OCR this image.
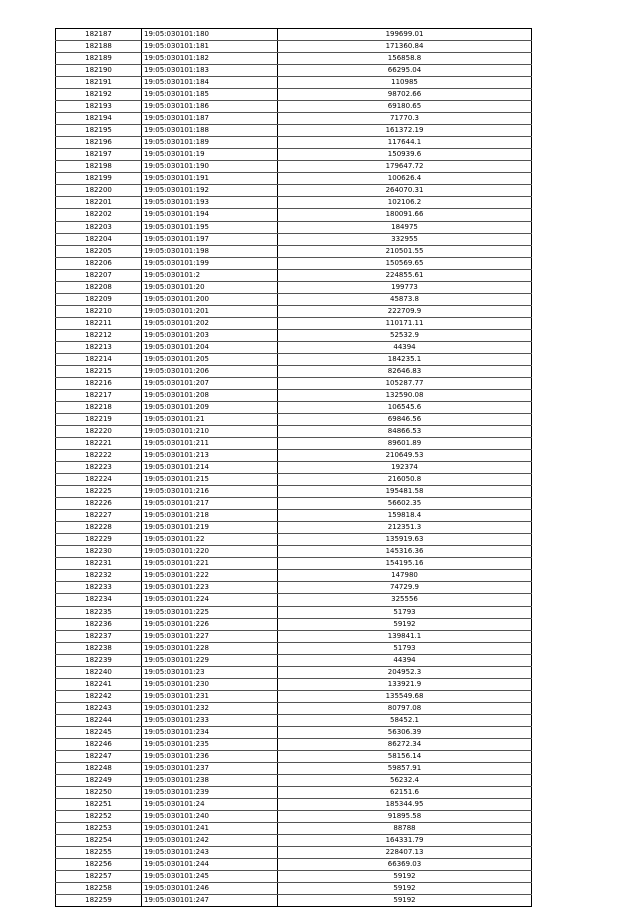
182187	19:05:030101:180	199699.01
182188	19:05:030101:181	171360.84
182189	19:05:030101:182	156858.8
182190	19:05:030101:183	66295.04
182191	19:05:030101:184	110985
182192	19:05:030101:185	98702.66
182193	19:05:030101:186	69180.65
182194	19:05:030101:187	71770.3
182195	19:05:030101:188	161372.19
182196	19:05:030101:189	117644.1
182197	19:05:030101:19	150939.6
182198	19:05:030101:190	179647.72
182199	19:05:030101:191	100626.4
182200	19:05:030101:192	264070.31
182201	19:05:030101:193	102106.2
182202	19:05:030101:194	180091.66
182203	19:05:030101:195	184975
182204	19:05:030101:197	332955
182205	19:05:030101:198	210501.55
182206	19:05:030101:199	150569.65
182207	19:05:030101:2	224855.61
182208	19:05:030101:20	199773
182209	19:05:030101:200	45873.8
182210	19:05:030101:201	222709.9
182211	19:05:030101:202	110171.11
182212	19:05:030101:203	52532.9
182213	19:05:030101:204	44394
182214	19:05:030101:205	184235.1
182215	19:05:030101:206	82646.83
182216	19:05:030101:207	105287.77
182217	19:05:030101:208	132590.08
182218	19:05:030101:209	106545.6
182219	19:05:030101:21	69846.56
182220	19:05:030101:210	84866.53
182221	19:05:030101:211	89601.89
182222	19:05:030101:213	210649.53
182223	19:05:030101:214	192374
182224	19:05:030101:215	216050.8
182225	19:05:030101:216	195481.58
182226	19:05:030101:217	56602.35
182227	19:05:030101:218	159818.4
182228	19:05:030101:219	212351.3
182229	19:05:030101:22	135919.63
182230	19:05:030101:220	145316.36
182231	19:05:030101:221	154195.16
182232	19:05:030101:222	147980
182233	19:05:030101:223	74729.9
182234	19:05:030101:224	325556
182235	19:05:030101:225	51793
182236	19:05:030101:226	59192
182237	19:05:030101:227	139841.1
182238	19:05:030101:228	51793
182239	19:05:030101:229	44394
182240	19:05:030101:23	204952.3
182241	19:05:030101:230	133921.9
182242	19:05:030101:231	135549.68
182243	19:05:030101:232	80797.08
182244	19:05:030101:233	58452.1
182245	19:05:030101:234	56306.39
182246	19:05:030101:235	86272.34
182247	19:05:030101:236	58156.14
182248	19:05:030101:237	59857.91
182249	19:05:030101:238	56232.4
182250	19:05:030101:239	62151.6
182251	19:05:030101:24	185344.95
182252	19:05:030101:240	91895.58
182253	19:05:030101:241	88788
182254	19:05:030101:242	164331.79
182255	19:05:030101:243	228407.13
182256	19:05:030101:244	66369.03
182257	19:05:030101:245	59192
182258	19:05:030101:246	59192
182259	19:05:030101:247	59192
